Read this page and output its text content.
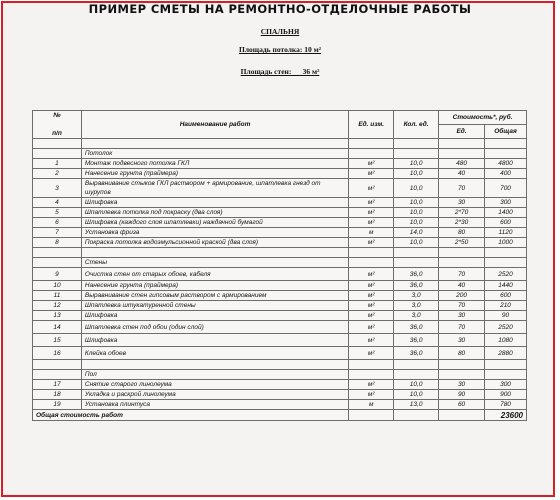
ПРИМЕР СМЕТЫ НА РЕМОНТНО-ОТДЕЛОЧНЫЕ РАБОТЫ
СПАЛЬНЯ
Площадь потолка: 10 м²
Площадь стен:      36 м²
№
п/п	Наименование работ	Ед. изм.	Кол. ед.	Стоимость*, руб.	
				Ед.	Общая

	Потолок				
1	Монтаж подвесного потолка ГКЛ	м²	10,0	480	4800
2	Нанесение грунта (праймера)	м²	10,0	40	400
3	Выравнивание стыков ГКЛ раствором + армирование, шпатлевка гнезд от шурупов	м²	10,0	70	700
4	Шлифовка	м²	10,0	30	300
5	Шпатлевка потолка под покраску (два слоя)	м²	10,0	2*70	1400
6	Шлифовка (каждого слоя шпатлевки) наждачной бумагой	м²	10,0	2*30	600
7	Установка фриза	м	14,0	80	1120
8	Покраска потолка водоэмульсионной краской (два слоя)	м²	10,0	2*50	1000

	Стены				
9	Очистка стен от старых обоев, кабеля	м²	36,0	70	2520
10	Нанесение грунта (праймера)	м²	36,0	40	1440
11	Выравнивание стен гипсовым раствором с армированием	м²	3,0	200	600
12	Шпатлевка штукатуренной стены	м²	3,0	70	210
13	Шлифовка	м²	3,0	30	90
14	Шпатлевка стен под обои (один слой)	м²	36,0	70	2520
15	Шлифовка	м²	36,0	30	1080
16	Клейка обоев	м²	36,0	80	2880

	Пол				
17	Снятие старого линолеума	м²	10,0	30	300
18	Укладка и раскрой линолеума	м²	10,0	90	900
19	Установка плинтуса	м	13,0	60	780
Общая стоимость работ					23600
